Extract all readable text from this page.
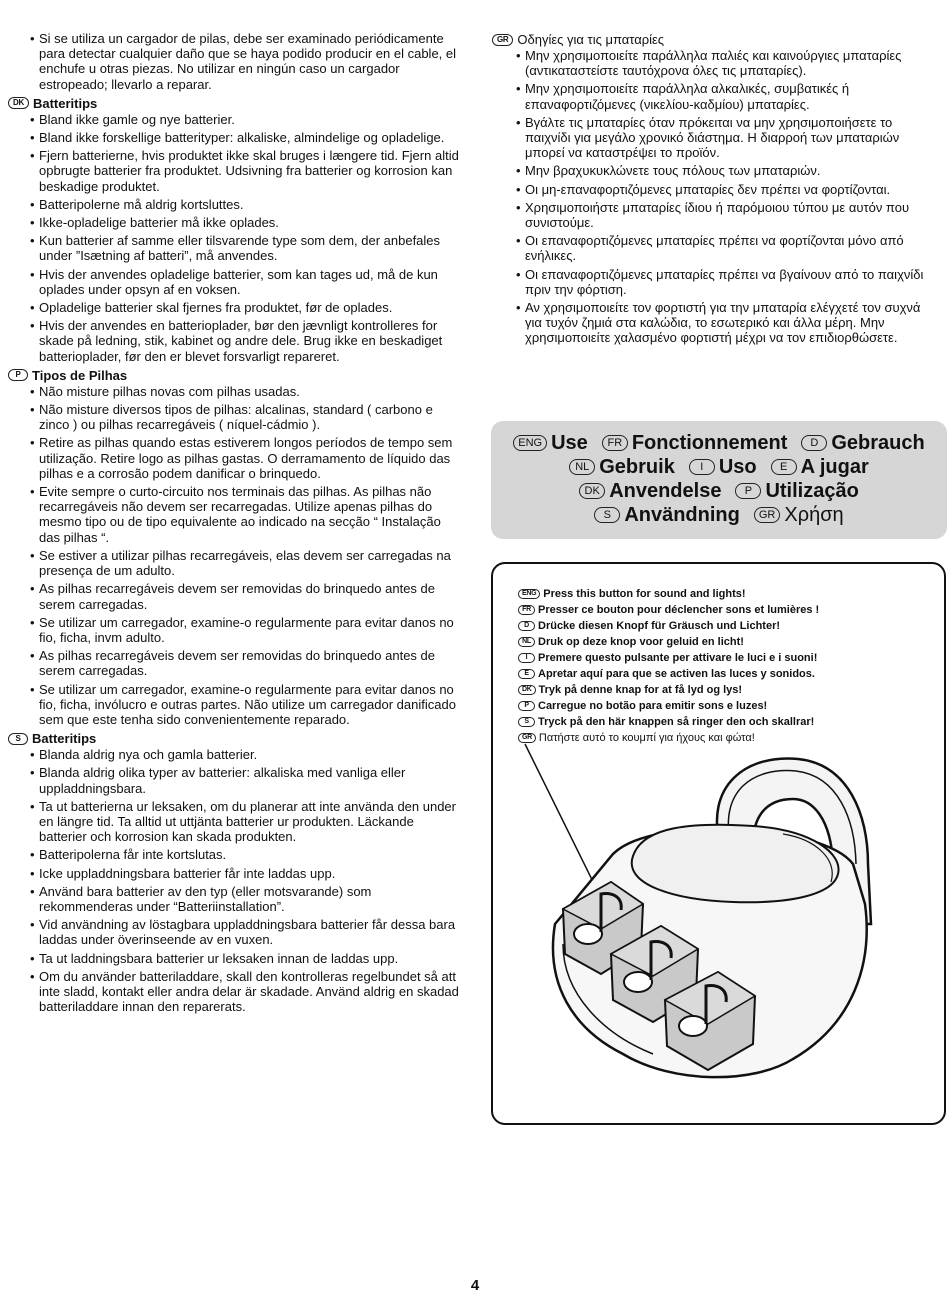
• Si se utiliza un cargador de pilas, debe ser examinado periódicamente para detectar cualquier daño que se haya podido producir en el cable, el enchufe u otras piezas. No utilizar en ningún caso un cargador estropeado; llevarlo a reparar.
DK Batteritips
• Bland ikke gamle og nye batterier.
• Bland ikke forskellige batterityper: alkaliske, almindelige og opladelige.
• Fjern batterierne, hvis produktet ikke skal bruges i længere tid. Fjern altid opbrugte batterier fra produktet. Udsivning fra batterier og korrosion kan beskadige produktet.
• Batteripolerne må aldrig kortsluttes.
• Ikke-opladelige batterier må ikke oplades.
• Kun batterier af samme eller tilsvarende type som dem, der anbefales under ”Isætning af batteri”, må anvendes.
• Hvis der anvendes opladelige batterier, som kan tages ud, må de kun oplades under opsyn af en voksen.
• Opladelige batterier skal fjernes fra produktet, før de oplades.
• Hvis der anvendes en batterioplader, bør den jævnligt kontrolleres for skade på ledning, stik, kabinet og andre dele. Brug ikke en beskadiget batterioplader, før den er blevet forsvarligt repareret.
P Tipos de Pilhas
• Não misture pilhas novas com pilhas usadas.
• Não misture diversos tipos de pilhas: alcalinas, standard ( carbono e zinco ) ou pilhas recarregáveis ( níquel-cádmio ).
• Retire as pilhas quando estas estiverem longos períodos de tempo sem utilização. Retire logo as pilhas gastas. O derramamento de líquido das pilhas e a corrosão podem danificar o brinquedo.
• Evite sempre o curto-circuito nos terminais das pilhas. As pilhas não recarregáveis não devem ser recarregadas. Utilize apenas pilhas do mesmo tipo ou de tipo equivalente ao indicado na secção “ Instalação das pilhas “.
• Se estiver a utilizar pilhas recarregáveis, elas devem ser carregadas na presença de um adulto.
• As pilhas recarregáveis devem ser removidas do brinquedo antes de serem carregadas.
• Se utilizar um carregador, examine-o regularmente para evitar danos no fio, ficha, invm adulto.
• As pilhas recarregáveis devem ser removidas do brinquedo antes de serem carregadas.
• Se utilizar um carregador, examine-o regularmente para evitar danos no fio, ficha, invólucro e outras partes. Não utilize um carregador danificado sem que este tenha sido convenientemente reparado.
S Batteritips
• Blanda aldrig nya och gamla batterier.
• Blanda aldrig olika typer av batterier: alkaliska med vanliga eller uppladdningsbara.
• Ta ut batterierna ur leksaken, om du planerar att inte använda den under en längre tid. Ta alltid ut uttjänta batterier ur produkten. Läckande batterier och korrosion kan skada produkten.
• Batteripolerna får inte kortslutas.
• Icke uppladdningsbara batterier får inte laddas upp.
• Använd bara batterier av den typ (eller motsvarande) som rekommenderas under “Batteriinstallation”.
• Vid användning av löstagbara uppladdningsbara batterier får dessa bara laddas under överinseende av en vuxen.
• Ta ut laddningsbara batterier ur leksaken innan de laddas upp.
• Om du använder batteriladdare, skall den kontrolleras regelbundet så att inte sladd, kontakt eller andra delar är skadade. Använd aldrig en skadad batteriladdare innan den reparerats.
GR Οδηγίες για τις μπαταρίες
• Μην χρησιμοποιείτε παράλληλα παλιές και καινούργιες μπαταρίες (αντικαταστείστε ταυτόχρονα όλες τις μπαταρίες).
• Μην χρησιμοποιείτε παράλληλα αλκαλικές, συμβατικές ή επαναφορτιζόμενες (νικελίου-καδμίου) μπαταρίες.
• Βγάλτε τις μπαταρίες όταν πρόκειται να μην χρησιμοποιήσετε το παιχνίδι για μεγάλο χρονικό διάστημα. Η διαρροή των μπαταριών μπορεί να καταστρέψει το προϊόν.
• Μην βραχυκυκλώνετε τους πόλους των μπαταριών.
• Οι μη-επαναφορτιζόμενες μπαταρίες δεν πρέπει να φορτίζονται.
• Χρησιμοποιήστε μπαταρίες ίδιου ή παρόμοιου τύπου με αυτόν που συνιστούμε.
• Οι επαναφορτιζόμενες μπαταρίες πρέπει να φορτίζονται μόνο από ενήλικες.
• Οι επαναφορτιζόμενες μπαταρίες πρέπει να βγαίνουν από το παιχνίδι πριν την φόρτιση.
• Αν χρησιμοποιείτε τον φορτιστή για την μπαταρία ελέγχετέ τον συχνά για τυχόν ζημιά στα καλώδια, το εσωτερικό και άλλα μέρη. Μην χρησιμοποιείτε χαλασμένο φορτιστή μέχρι να τον επιδιορθώσετε.
ENG Use	FR Fonctionnement	D Gebrauch
NL Gebruik	I Uso	E A jugar
DK Anvendelse	P Utilização
S Användning	GR Χρήση
ENG Press this button for sound and lights!
FR Presser ce bouton pour déclencher sons et lumières !
D Drücke diesen Knopf für Gräusch und Lichter!
NL Druk op deze knop voor geluid en licht!
I Premere questo pulsante per attivare le luci e i suoni!
E Apretar aquí para que se activen las luces y sonidos.
DK Tryk på denne knap for at få lyd og lys!
P Carregue no botão para emitir sons e luzes!
S Tryck på den här knappen så ringer den och skallrar!
GR Πατήστε αυτό το κουμπί για ήχους και φώτα!
4
